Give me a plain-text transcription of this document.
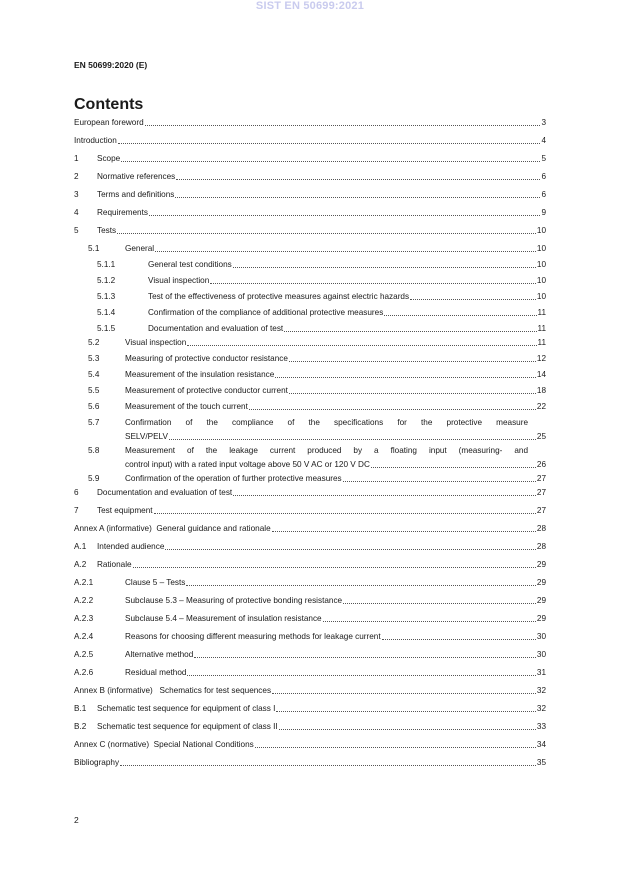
SIST EN 50699:2021
EN 50699:2020 (E)
Contents
European foreword	3
Introduction	4
1 Scope	5
2 Normative references	6
3 Terms and definitions	6
4 Requirements	9
5 Tests	10
5.1	General	10
5.1.1	General test conditions	10
5.1.2	Visual inspection	10
5.1.3	Test of the effectiveness of protective measures against electric hazards	10
5.1.4	Confirmation of the compliance of additional protective measures	11
5.1.5	Documentation and evaluation of test	11
5.2	Visual inspection	11
5.3	Measuring of protective conductor resistance	12
5.4	Measurement of the insulation resistance	14
5.5	Measurement of protective conductor current	18
5.6	Measurement of the touch current	22
5.7	Confirmation of the compliance of the specifications for the protective measure
SELV/PELV	25
5.8	Measurement of the leakage current produced by a floating input (measuring- and
control input) with a rated input voltage above 50 V AC or 120 V DC	26
5.9	Confirmation of the operation of further protective measures	27
6 Documentation and evaluation of test	27
7 Test equipment	27
Annex A (informative)  General guidance and rationale	28
A.1 Intended audience	28
A.2 Rationale	29
A.2.1	Clause 5 – Tests	29
A.2.2	Subclause 5.3 – Measuring of protective bonding resistance	29
A.2.3	Subclause 5.4 – Measurement of insulation resistance	29
A.2.4	Reasons for choosing different measuring methods for leakage current	30
A.2.5	Alternative method	30
A.2.6	Residual method	31
Annex B (informative)   Schematics for test sequences	32
B.1 Schematic test sequence for equipment of class I	32
B.2 Schematic test sequence for equipment of class II	33
Annex C (normative)  Special National Conditions	34
Bibliography	35
2
